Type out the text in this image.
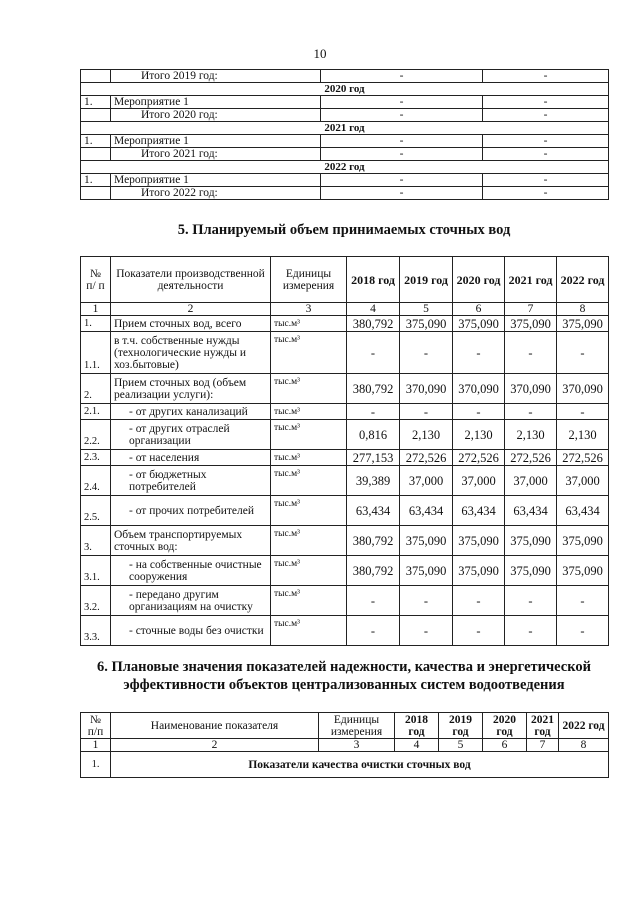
10
	Итого 2019 год:	-	-
2020 год			
1.	Мероприятие 1	-	-
	Итого 2020 год:	-	-
2021 год			
1.	Мероприятие 1	-	-
	Итого 2021 год:	-	-
2022 год			
1.	Мероприятие 1	-	-
	Итого 2022 год:	-	-
5. Планируемый объем принимаемых сточных вод
№ п/ п	Показатели производственной деятельности	Единицы измерения	2018 год	2019 год	2020 год	2021 год	2022 год
1	2	3	4	5	6	7	8
1.	Прием сточных вод, всего	тыс.м³	380,792	375,090	375,090	375,090	375,090
1.1.	в т.ч. собственные нужды (технологические нужды и хоз.бытовые)	тыс.м³	-	-	-	-	-
2.	Прием сточных вод (объем реализации услуги):	тыс.м³	380,792	370,090	370,090	370,090	370,090
2.1.	- от других канализаций	тыс.м³	-	-	-	-	-
2.2.	- от других отраслей организации	тыс.м³	0,816	2,130	2,130	2,130	2,130
2.3.	- от населения	тыс.м³	277,153	272,526	272,526	272,526	272,526
2.4.	- от бюджетных потребителей	тыс.м³	39,389	37,000	37,000	37,000	37,000
2.5.	- от прочих потребителей	тыс.м³	63,434	63,434	63,434	63,434	63,434
3.	Объем транспортируемых сточных вод:	тыс.м³	380,792	375,090	375,090	375,090	375,090
3.1.	- на собственные очистные сооружения	тыс.м³	380,792	375,090	375,090	375,090	375,090
3.2.	- передано другим организациям на очистку	тыс.м³	-	-	-	-	-
3.3.	- сточные воды без очистки	тыс.м³	-	-	-	-	-
6. Плановые значения показателей надежности, качества и энергетической эффективности объектов централизованных систем водоотведения
№ п/п	Наименование показателя	Единицы измерения	2018 год	2019 год	2020 год	2021 год	2022 год
1	2	3	4	5	6	7	8
1.	Показатели качества очистки сточных вод						
